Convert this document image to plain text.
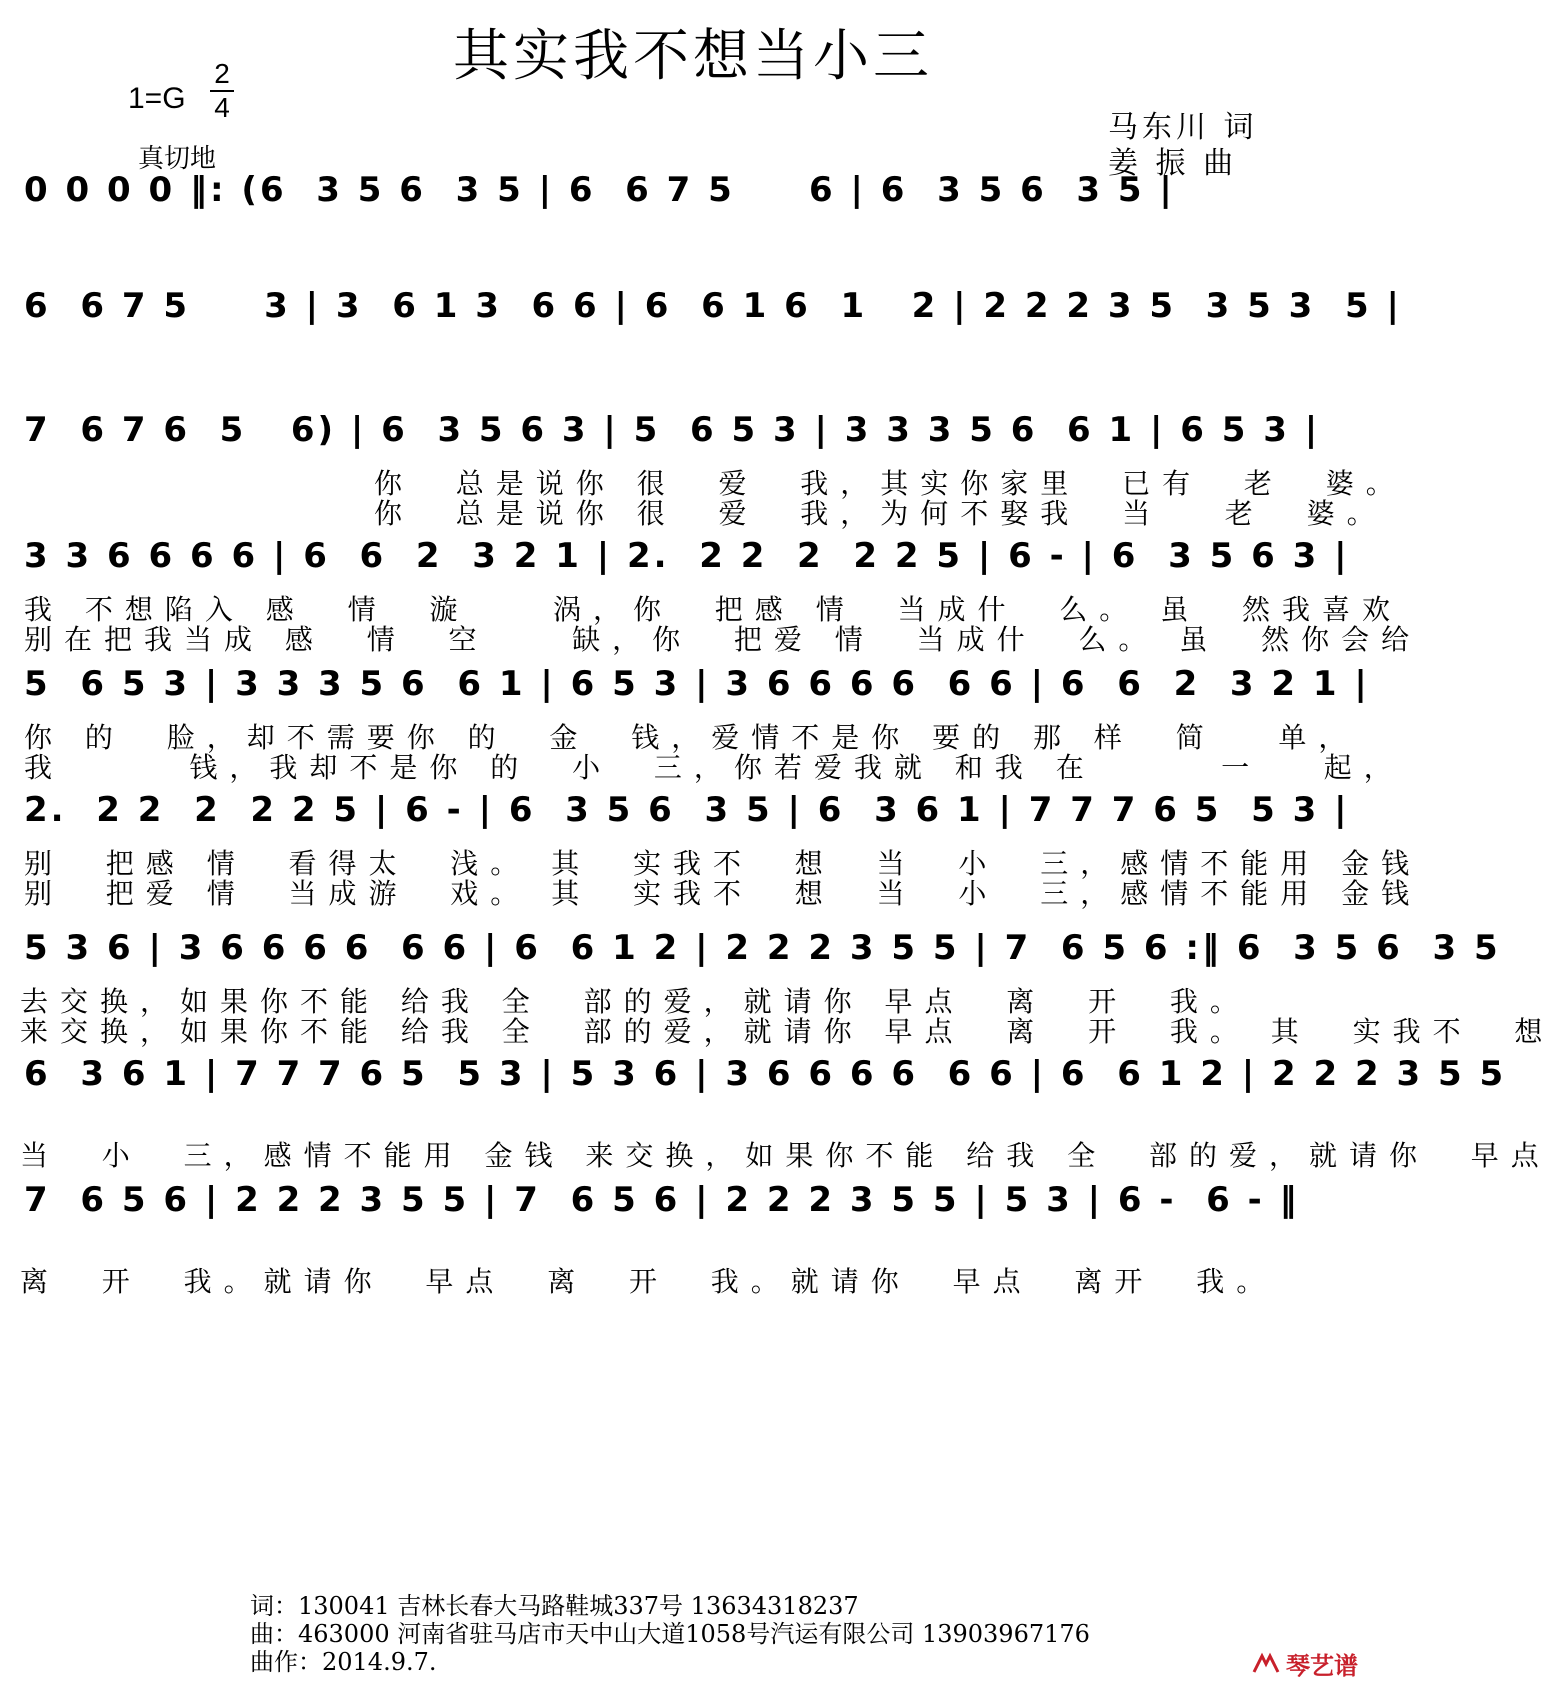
其实我不想当小三
1=G
2
4
真切地
马东川 词
姜 振 曲
0 0 0 0 ‖: (6  3 5 6  3 5 | 6  6 7 5     6 | 6  3 5 6  3 5 |
6  6 7 5     3 | 3  6 1 3  6 6 | 6  6 1 6  1   2 | 2 2 2 3 5  3 5 3  5 |
7  6 7 6  5   6) | 6  3 5 6 3 | 5  6 5 3 | 3 3 3 5 6  6 1 | 6 5 3 |
你  总是说你 很  爱  我，其实你家里  已有  老  婆。
你  总是说你 很  爱  我，为何不娶我  当   老  婆。
3 3 6 6 6 6 | 6  6  2  3 2 1 | 2.  2 2  2  2 2 5 | 6 - | 6  3 5 6 3 |
我 不想陷入 感  情  漩    涡，你  把感 情  当成什  么。 虽  然我喜欢
别在把我当成 感  情  空    缺，你  把爱 情  当成什  么。 虽  然你会给
5  6 5 3 | 3 3 3 5 6  6 1 | 6 5 3 | 3 6 6 6 6  6 6 | 6  6  2  3 2 1 |
你 的  脸，却不需要你 的  金  钱，爱情不是你 要的 那 样  简   单，
我      钱，我却不是你 的  小  三，你若爱我就 和我 在      一   起，
2.  2 2  2  2 2 5 | 6 - | 6  3 5 6  3 5 | 6  3 6 1 | 7 7 7 6 5  5 3 |
别  把感 情  看得太  浅。 其  实我不  想  当  小  三，感情不能用 金钱
别  把爱 情  当成游  戏。 其  实我不  想  当  小  三，感情不能用 金钱
5 3 6 | 3 6 6 6 6  6 6 | 6  6 1 2 | 2 2 2 3 5 5 | 7  6 5 6 :‖ 6  3 5 6  3 5
去交换，如果你不能 给我 全  部的爱，就请你 早点  离  开  我。
来交换，如果你不能 给我 全  部的爱，就请你 早点  离  开  我。 其  实我不  想
6  3 6 1 | 7 7 7 6 5  5 3 | 5 3 6 | 3 6 6 6 6  6 6 | 6  6 1 2 | 2 2 2 3 5 5
当  小  三，感情不能用 金钱 来交换，如果你不能 给我 全  部的爱，就请你  早点
7  6 5 6 | 2 2 2 3 5 5 | 7  6 5 6 | 2 2 2 3 5 5 | 5 3 | 6 -  6 - ‖
离  开  我。就请你  早点  离  开  我。就请你  早点  离开  我。
词：130041 吉林长春大马路鞋城337号 13634318237
曲：463000 河南省驻马店市天中山大道1058号汽运有限公司 13903967176
曲作：2014.9.7.	琴艺谱
